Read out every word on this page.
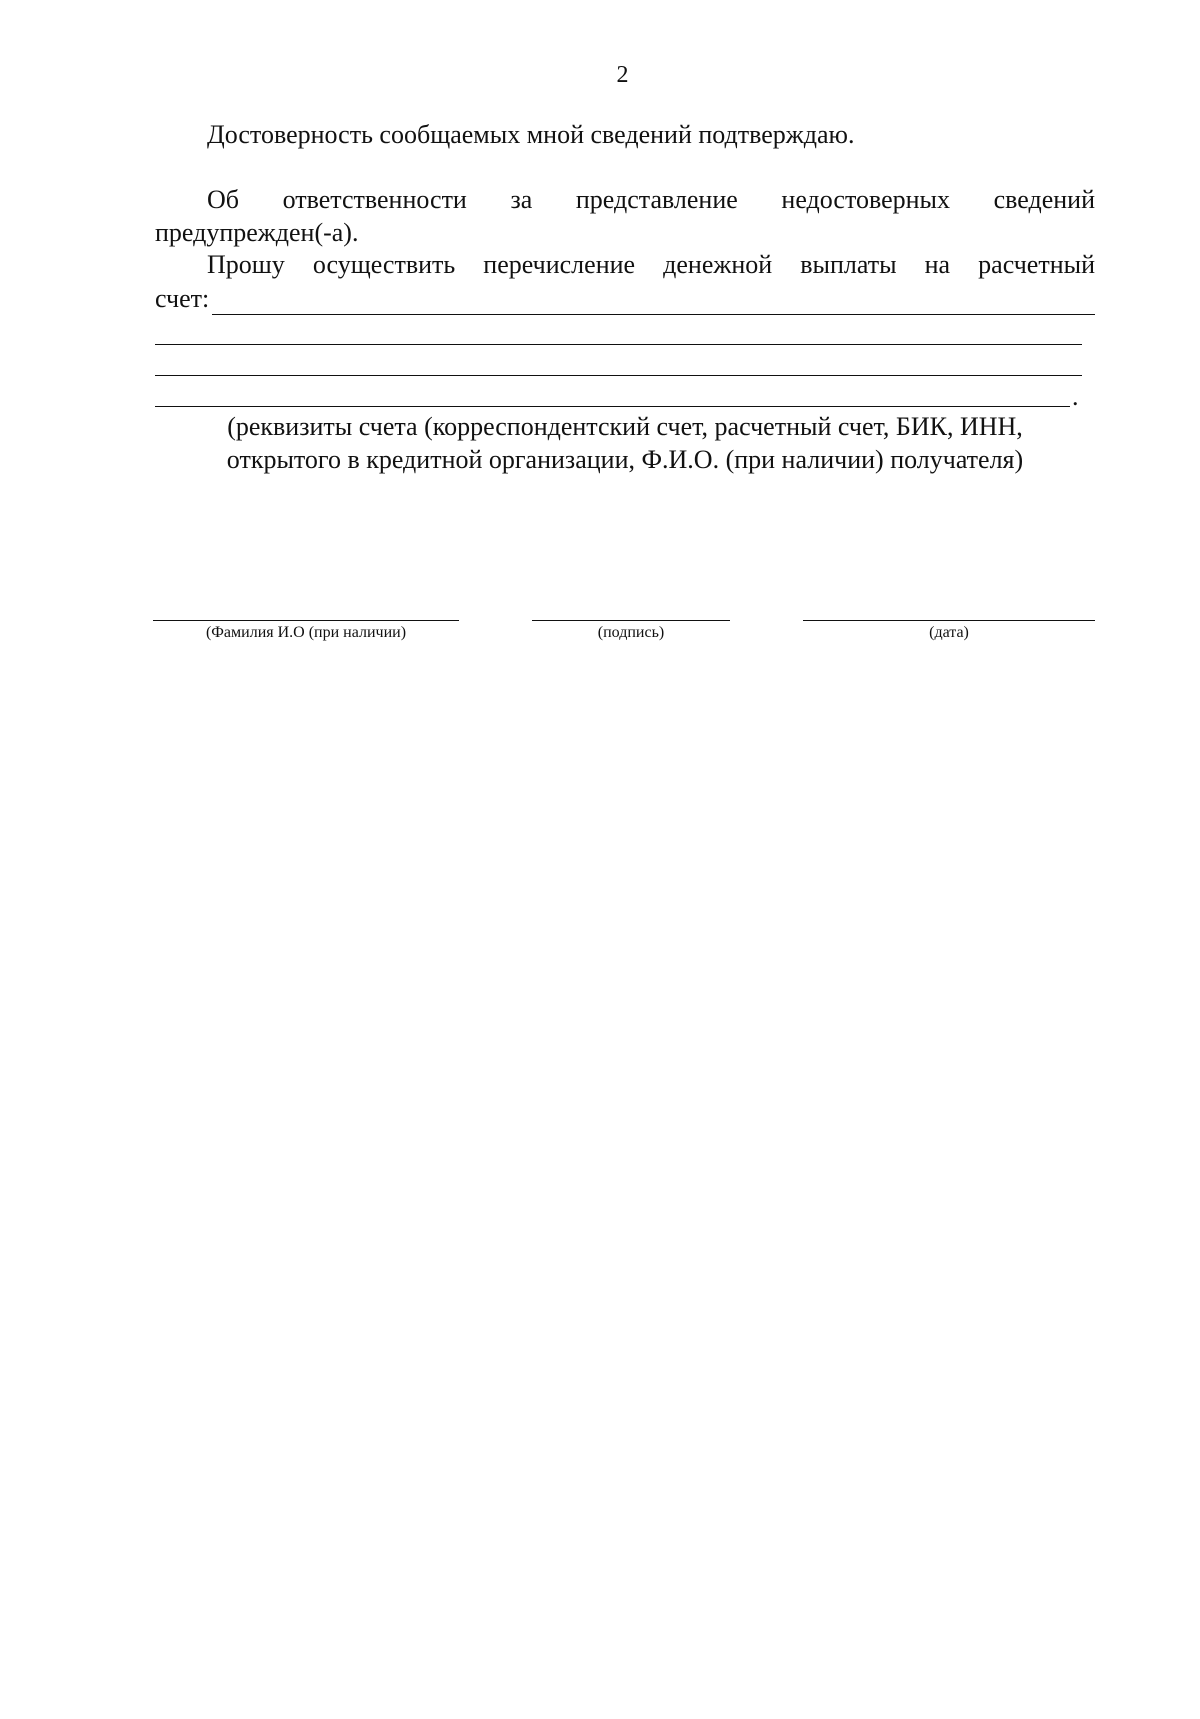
2
Достоверность сообщаемых мной сведений подтверждаю.
Об ответственности за представление недостоверных сведений
предупрежден(-а).
Прошу осуществить перечисление денежной выплаты на расчетный
счет:
.
(реквизиты счета (корреспондентский счет, расчетный счет, БИК, ИНН,
открытого в кредитной организации, Ф.И.О. (при наличии) получателя)
(Фамилия И.О (при наличии)	(подпись)	(дата)
